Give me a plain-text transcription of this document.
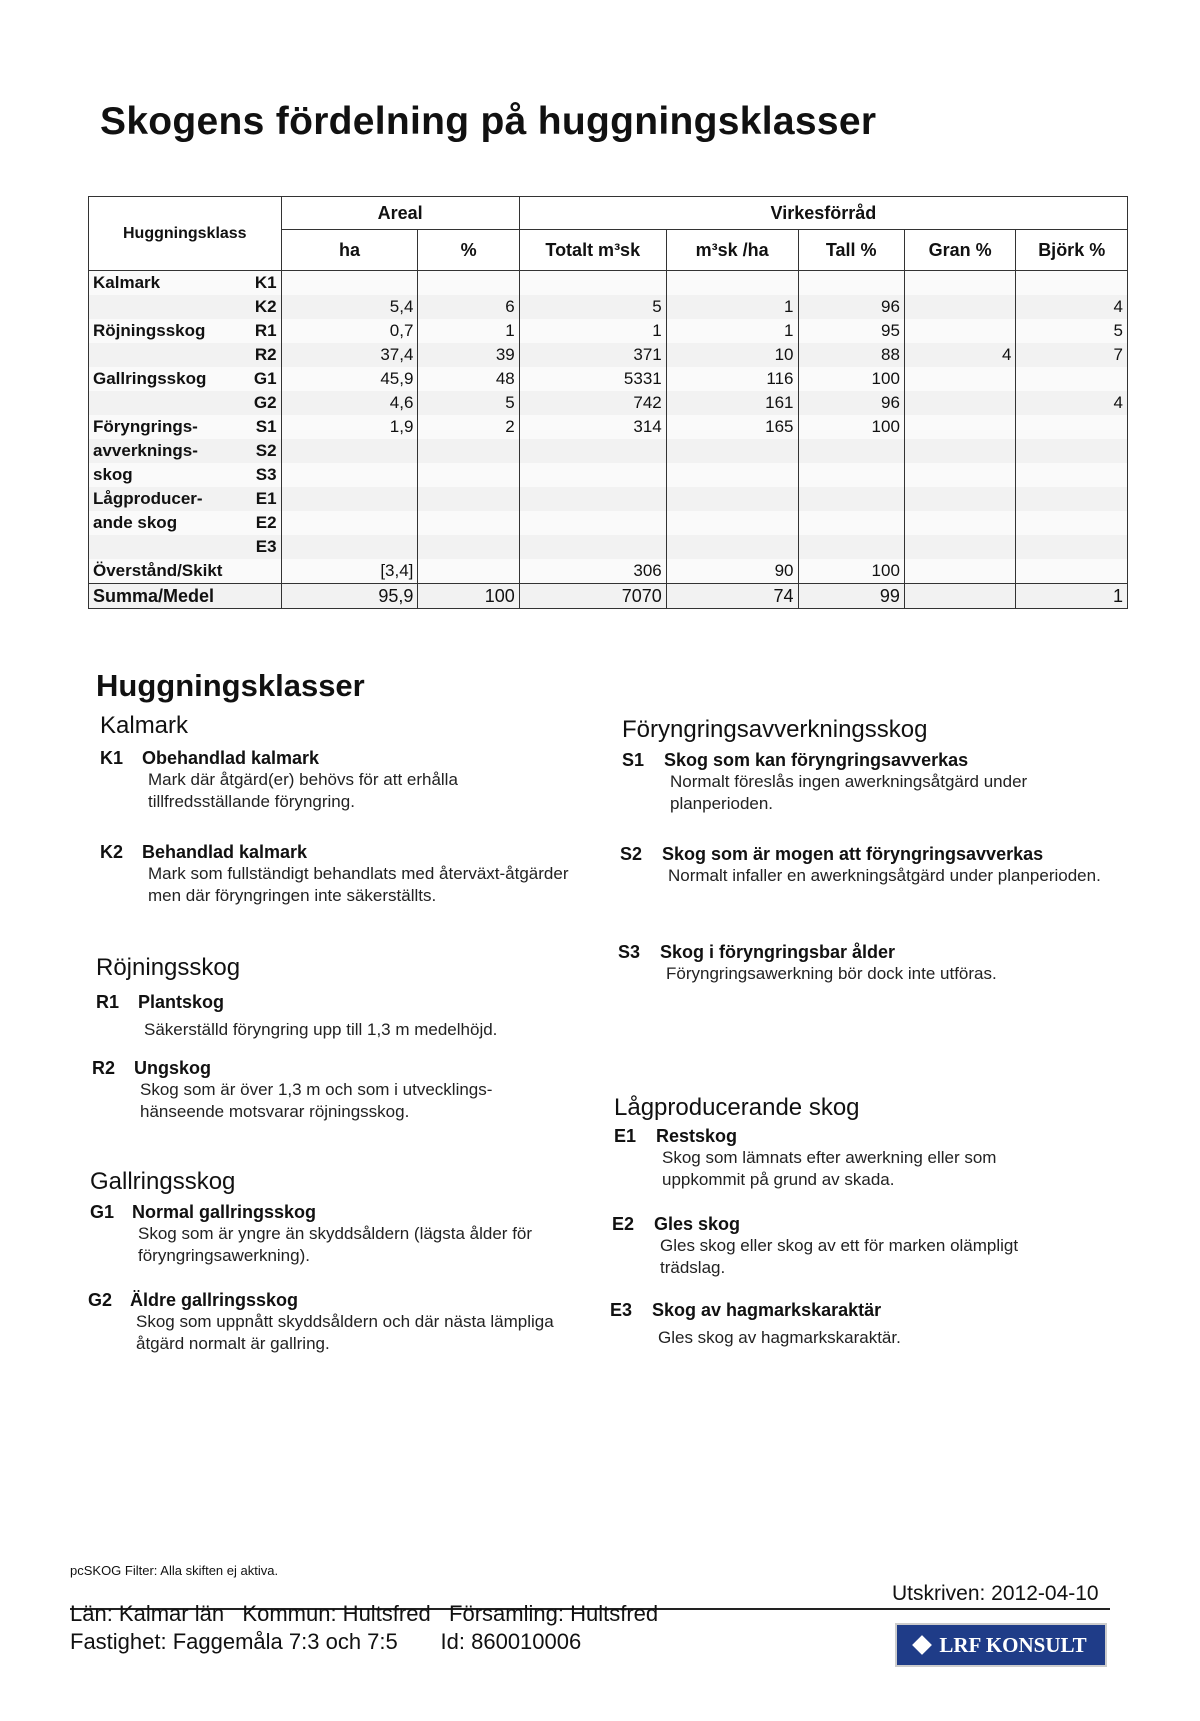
Skogens fördelning på huggningsklasser
Huggningsklass		Areal		Virkesförråd				
		ha	%	Totalt m³sk	m³sk /ha	Tall %	Gran %	Björk %
Kalmark	K1							
	K2	5,4	6	5	1	96		4
Röjningsskog	R1	0,7	1	1	1	95		5
	R2	37,4	39	371	10	88	4	7
Gallringsskog	G1	45,9	48	5331	116	100		
	G2	4,6	5	742	161	96		4
Föryngrings-	S1	1,9	2	314	165	100		
avverknings-	S2							
skog	S3							
Lågproducer-	E1							
ande skog	E2							
	E3							
Överstånd/Skikt		[3,4]		306	90	100		
Summa/Medel		95,9	100	7070	74	99		1
Huggningsklasser
Kalmark
K1 Obehandlad kalmark
Mark där åtgärd(er) behövs för att erhålla tillfredsställande föryngring.
K2 Behandlad kalmark
Mark som fullständigt behandlats med återväxt-åtgärder men där föryngringen inte säkerställts.
Röjningsskog
R1 Plantskog
Säkerställd föryngring upp till 1,3 m medelhöjd.
R2 Ungskog
Skog som är över 1,3 m och som i utvecklings-hänseende motsvarar röjningsskog.
Gallringsskog
G1 Normal gallringsskog
Skog som är yngre än skyddsåldern (lägsta ålder för föryngringsawerkning).
G2 Äldre gallringsskog
Skog som uppnått skyddsåldern och där nästa lämpliga åtgärd normalt är gallring.
Föryngringsavverkningsskog
S1 Skog som kan föryngringsavverkas
Normalt föreslås ingen awerkningsåtgärd under planperioden.
S2 Skog som är mogen att föryngringsavverkas
Normalt infaller en awerkningsåtgärd under planperioden.
S3 Skog i föryngringsbar ålder
Föryngringsawerkning bör dock inte utföras.
Lågproducerande skog
E1 Restskog
Skog som lämnats efter awerkning eller som uppkommit på grund av skada.
E2 Gles skog
Gles skog eller skog av ett för marken olämpligt trädslag.
E3 Skog av hagmarkskaraktär
Gles skog av hagmarkskaraktär.
pcSKOG Filter: Alla skiften ej aktiva.
Utskriven: 2012-04-10
Län: Kalmar län   Kommun: Hultsfred   Församling: Hultsfred
Fastighet: Faggemåla 7:3 och 7:5       Id: 860010006	LRF KONSULT
